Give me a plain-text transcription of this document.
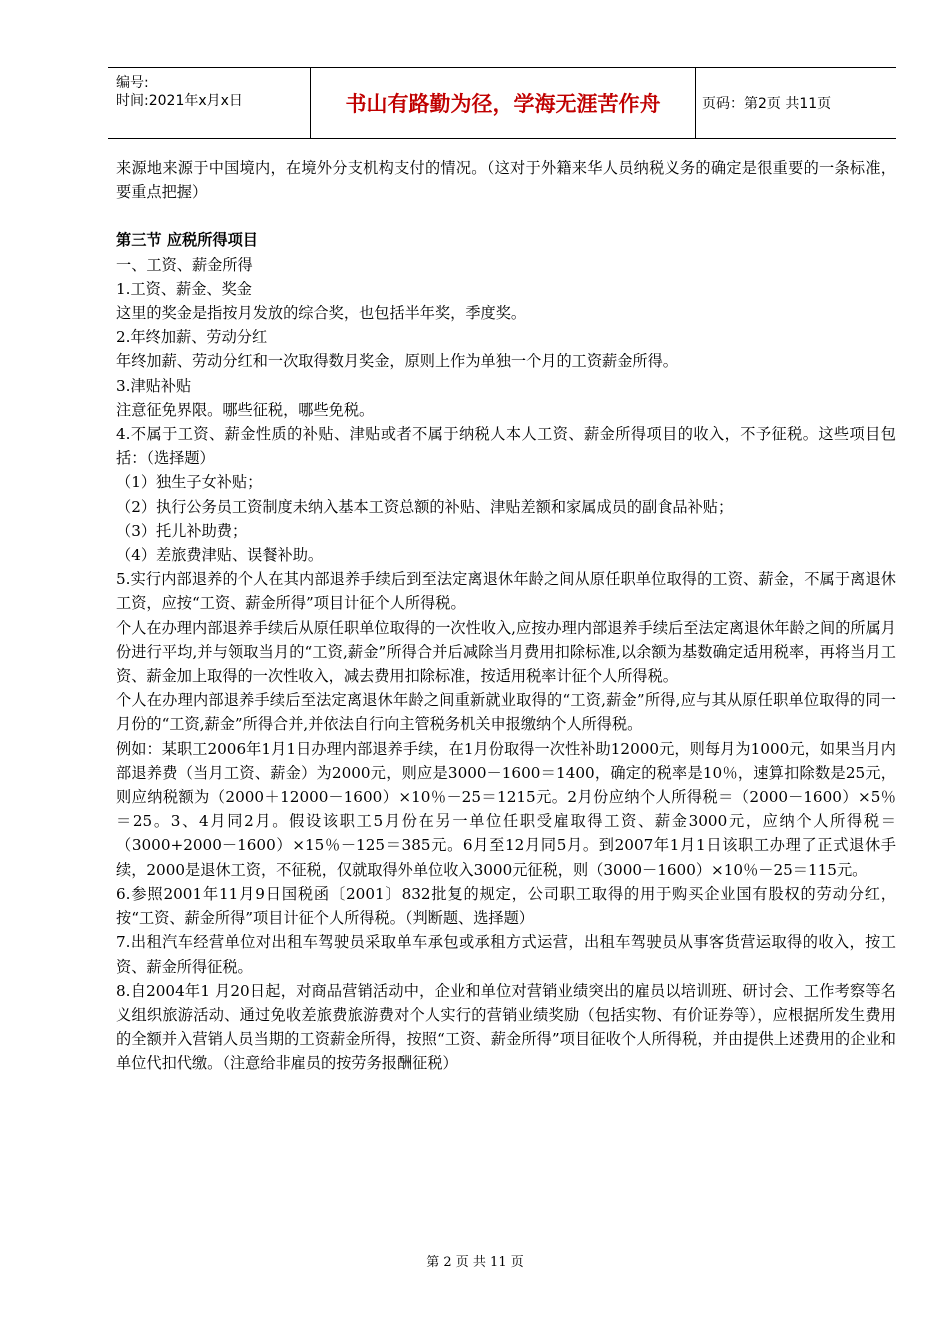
编号:
时间:2021年x月x日	书山有路勤为径，学海无涯苦作舟	页码：第2页 共11页

来源地来源于中国境内，在境外分支机构支付的情况。（这对于外籍来华人员纳税义务的确定是很重要的一条标准，要重点把握）

第三节 应税所得项目

一、工资、薪金所得

1.工资、薪金、奖金

这里的奖金是指按月发放的综合奖，也包括半年奖，季度奖。

2.年终加薪、劳动分红

年终加薪、劳动分红和一次取得数月奖金，原则上作为单独一个月的工资薪金所得。

3.津贴补贴

注意征免界限。哪些征税，哪些免税。

4.不属于工资、薪金性质的补贴、津贴或者不属于纳税人本人工资、薪金所得项目的收入，不予征税。这些项目包括：（选择题）

（1）独生子女补贴；

（2）执行公务员工资制度未纳入基本工资总额的补贴、津贴差额和家属成员的副食品补贴；

（3）托儿补助费；

（4）差旅费津贴、误餐补助。

5.实行内部退养的个人在其内部退养手续后到至法定离退休年龄之间从原任职单位取得的工资、薪金，不属于离退休工资，应按“工资、薪金所得”项目计征个人所得税。

个人在办理内部退养手续后从原任职单位取得的一次性收入,应按办理内部退养手续后至法定离退休年龄之间的所属月份进行平均,并与领取当月的“工资,薪金”所得合并后减除当月费用扣除标准,以余额为基数确定适用税率，再将当月工资、薪金加上取得的一次性收入，减去费用扣除标准，按适用税率计征个人所得税。

个人在办理内部退养手续后至法定离退休年龄之间重新就业取得的“工资,薪金”所得,应与其从原任职单位取得的同一月份的“工资,薪金”所得合并,并依法自行向主管税务机关申报缴纳个人所得税。

例如：某职工2006年1月1日办理内部退养手续，在1月份取得一次性补助12000元，则每月为1000元，如果当月内部退养费（当月工资、薪金）为2000元，则应是3000－1600＝1400，确定的税率是10％，速算扣除数是25元，则应纳税额为（2000＋12000－1600）×10％－25＝1215元。2月份应纳个人所得税＝（2000－1600）×5％＝25。3、4月同2月。假设该职工5月份在另一单位任职受雇取得工资、薪金3000元，应纳个人所得税＝（3000+2000－1600）×15％－125＝385元。6月至12月同5月。到2007年1月1日该职工办理了正式退休手续，2000是退休工资，不征税，仅就取得外单位收入3000元征税，则（3000－1600）×10％－25＝115元。

6.参照2001年11月9日国税函〔2001〕832批复的规定，公司职工取得的用于购买企业国有股权的劳动分红，按“工资、薪金所得”项目计征个人所得税。（判断题、选择题）

7.出租汽车经营单位对出租车驾驶员采取单车承包或承租方式运营，出租车驾驶员从事客货营运取得的收入，按工资、薪金所得征税。

8.自2004年1 月20日起，对商品营销活动中，企业和单位对营销业绩突出的雇员以培训班、研讨会、工作考察等名义组织旅游活动、通过免收差旅费旅游费对个人实行的营销业绩奖励（包括实物、有价证券等），应根据所发生费用的全额并入营销人员当期的工资薪金所得，按照“工资、薪金所得”项目征收个人所得税，并由提供上述费用的企业和单位代扣代缴。（注意给非雇员的按劳务报酬征税）

第 2 页 共 11 页
